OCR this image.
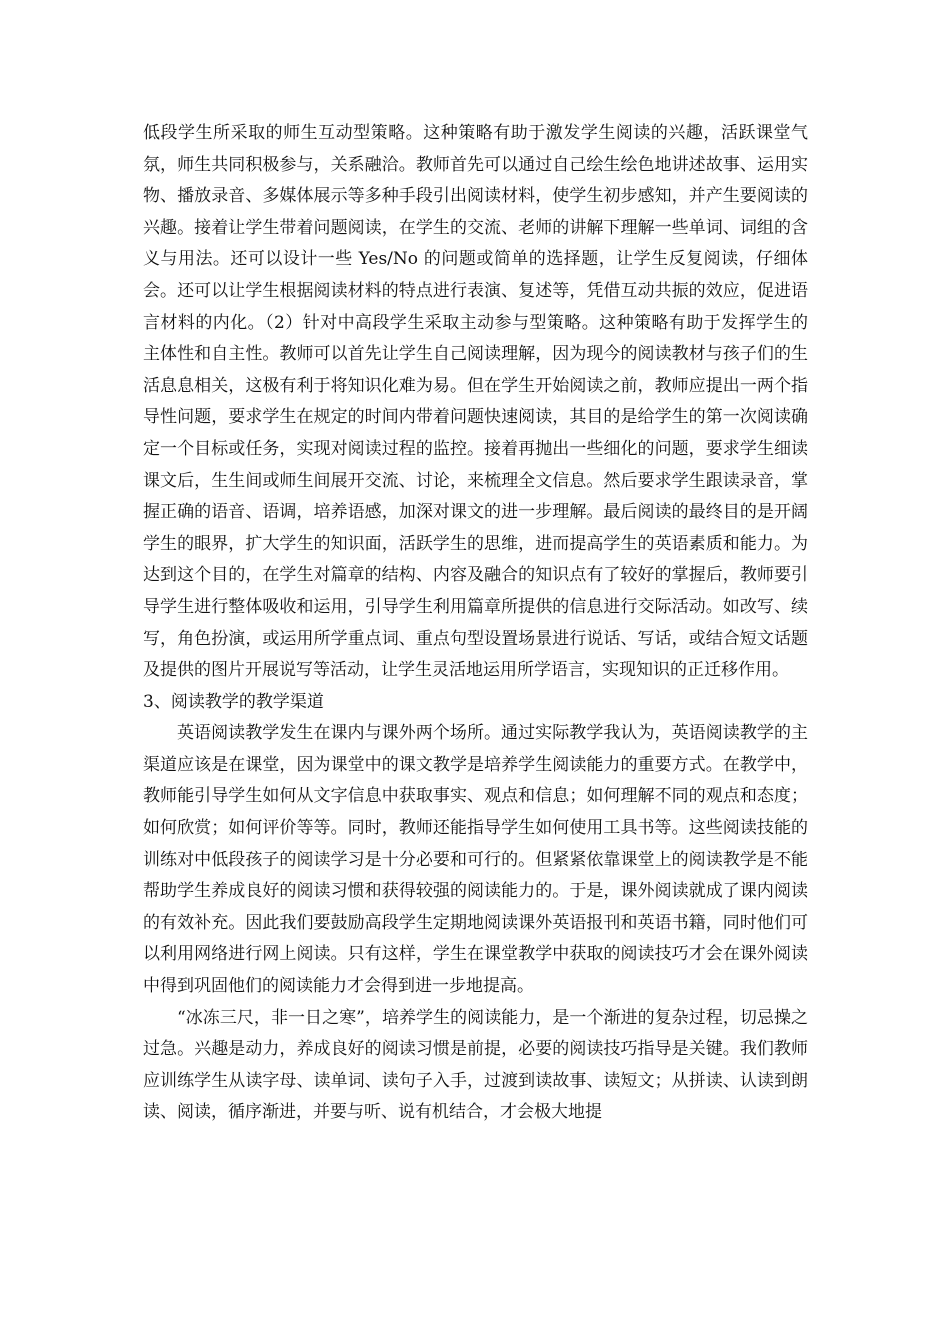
低段学生所采取的师生互动型策略。这种策略有助于激发学生阅读的兴趣，活跃课堂气氛，师生共同积极参与，关系融洽。教师首先可以通过自己绘生绘色地讲述故事、运用实物、播放录音、多媒体展示等多种手段引出阅读材料，使学生初步感知，并产生要阅读的兴趣。接着让学生带着问题阅读，在学生的交流、老师的讲解下理解一些单词、词组的含义与用法。还可以设计一些 Yes/No 的问题或简单的选择题，让学生反复阅读，仔细体会。还可以让学生根据阅读材料的特点进行表演、复述等，凭借互动共振的效应，促进语言材料的内化。（2）针对中高段学生采取主动参与型策略。这种策略有助于发挥学生的主体性和自主性。教师可以首先让学生自己阅读理解，因为现今的阅读教材与孩子们的生活息息相关，这极有利于将知识化难为易。但在学生开始阅读之前，教师应提出一两个指导性问题，要求学生在规定的时间内带着问题快速阅读，其目的是给学生的第一次阅读确定一个目标或任务，实现对阅读过程的监控。接着再抛出一些细化的问题，要求学生细读课文后，生生间或师生间展开交流、讨论，来梳理全文信息。然后要求学生跟读录音，掌握正确的语音、语调，培养语感，加深对课文的进一步理解。最后阅读的最终目的是开阔学生的眼界，扩大学生的知识面，活跃学生的思维，进而提高学生的英语素质和能力。为达到这个目的，在学生对篇章的结构、内容及融合的知识点有了较好的掌握后，教师要引导学生进行整体吸收和运用，引导学生利用篇章所提供的信息进行交际活动。如改写、续写，角色扮演，或运用所学重点词、重点句型设置场景进行说话、写话，或结合短文话题及提供的图片开展说写等活动，让学生灵活地运用所学语言，实现知识的正迁移作用。

3、阅读教学的教学渠道

英语阅读教学发生在课内与课外两个场所。通过实际教学我认为，英语阅读教学的主渠道应该是在课堂，因为课堂中的课文教学是培养学生阅读能力的重要方式。在教学中，教师能引导学生如何从文字信息中获取事实、观点和信息；如何理解不同的观点和态度；如何欣赏；如何评价等等。同时，教师还能指导学生如何使用工具书等。这些阅读技能的训练对中低段孩子的阅读学习是十分必要和可行的。但紧紧依靠课堂上的阅读教学是不能帮助学生养成良好的阅读习惯和获得较强的阅读能力的。于是，课外阅读就成了课内阅读的有效补充。因此我们要鼓励高段学生定期地阅读课外英语报刊和英语书籍，同时他们可以利用网络进行网上阅读。只有这样，学生在课堂教学中获取的阅读技巧才会在课外阅读中得到巩固他们的阅读能力才会得到进一步地提高。

“冰冻三尺，非一日之寒”，培养学生的阅读能力，是一个渐进的复杂过程，切忌操之过急。兴趣是动力，养成良好的阅读习惯是前提，必要的阅读技巧指导是关键。我们教师应训练学生从读字母、读单词、读句子入手，过渡到读故事、读短文；从拼读、认读到朗读、阅读，循序渐进，并要与听、说有机结合，才会极大地提
